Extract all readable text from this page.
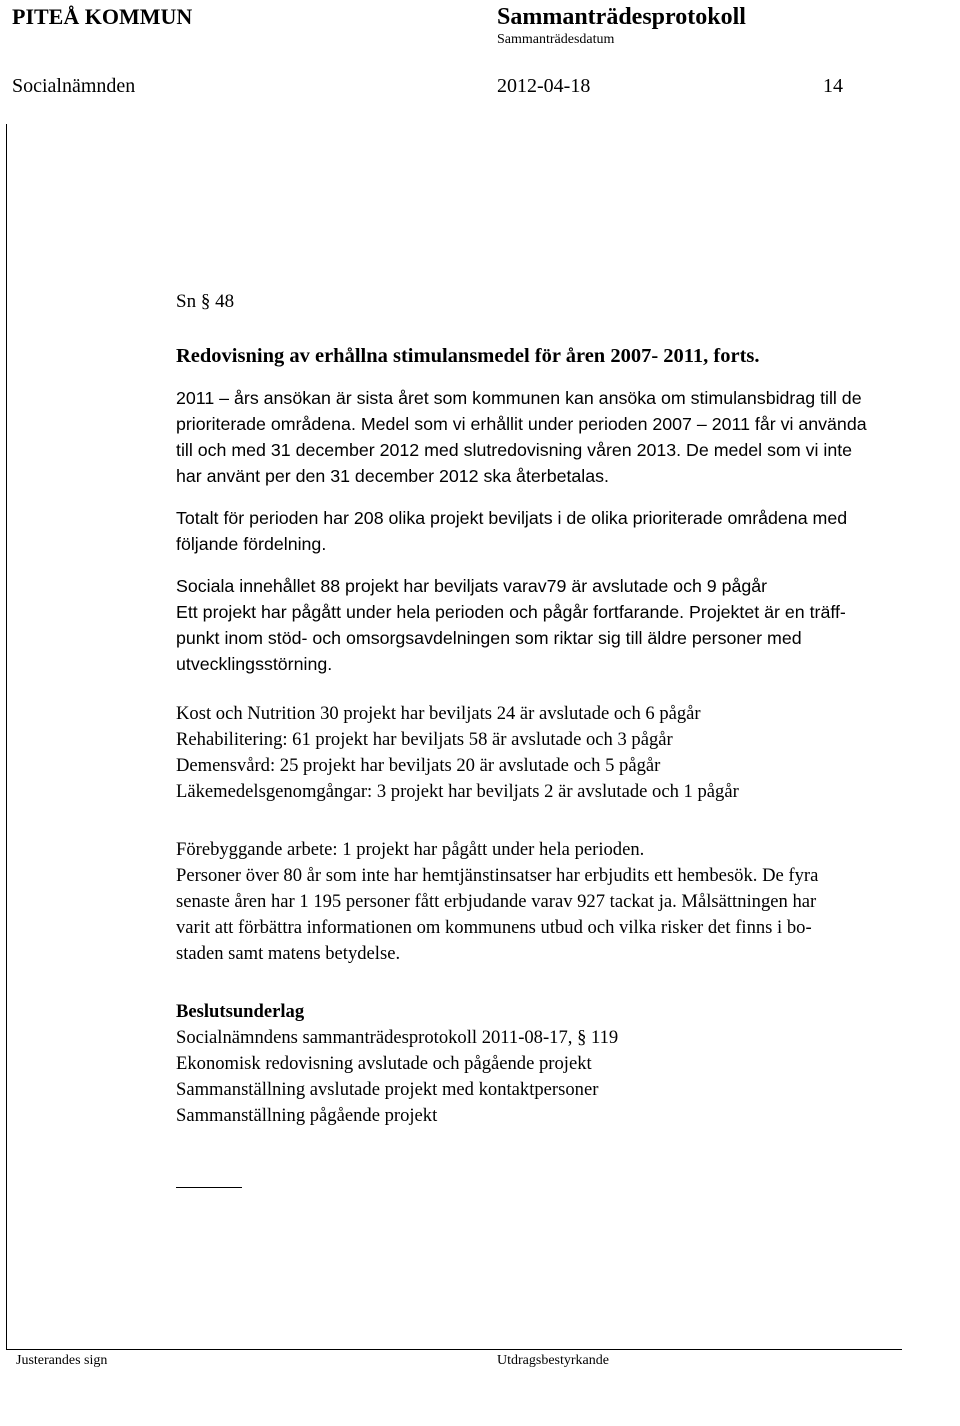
PITEÅ KOMMUN	Sammanträdesprotokoll
Sammanträdesdatum
Socialnämnden	2012-04-18	14

Sn § 48

Redovisning av erhållna stimulansmedel för åren 2007- 2011, forts.

2011 – års ansökan är sista året som kommunen kan ansöka om stimulansbidrag till de

prioriterade områdena. Medel som vi erhållit under perioden 2007 – 2011 får vi använda

till och med 31 december 2012 med slutredovisning våren 2013. De medel som vi inte

har använt per den 31 december 2012 ska återbetalas.

Totalt för perioden har 208 olika projekt beviljats i de olika prioriterade områdena med

följande fördelning.

Sociala innehållet 88 projekt har beviljats varav79 är avslutade och 9 pågår

Ett projekt har pågått under hela perioden och pågår fortfarande. Projektet är en träff-

punkt inom stöd- och omsorgsavdelningen som riktar sig till äldre personer med

utvecklingsstörning.

Kost och Nutrition 30 projekt har beviljats 24 är avslutade och 6 pågår

Rehabilitering: 61 projekt har beviljats 58 är avslutade och 3 pågår

Demensvård: 25 projekt har beviljats 20 är avslutade och 5 pågår

Läkemedelsgenomgångar: 3 projekt har beviljats 2 är avslutade och 1 pågår

Förebyggande arbete: 1 projekt har pågått under hela perioden.

Personer över 80 år som inte har hemtjänstinsatser har erbjudits ett hembesök. De fyra

senaste åren har 1 195 personer fått erbjudande varav 927 tackat ja. Målsättningen har

varit att förbättra informationen om kommunens utbud och vilka risker det finns i bo-

staden samt matens betydelse.

Beslutsunderlag

Socialnämndens sammanträdesprotokoll 2011-08-17, § 119

Ekonomisk redovisning avslutade och pågående projekt

Sammanställning avslutade projekt med kontaktpersoner

Sammanställning pågående projekt

Justerandes sign	Utdragsbestyrkande
